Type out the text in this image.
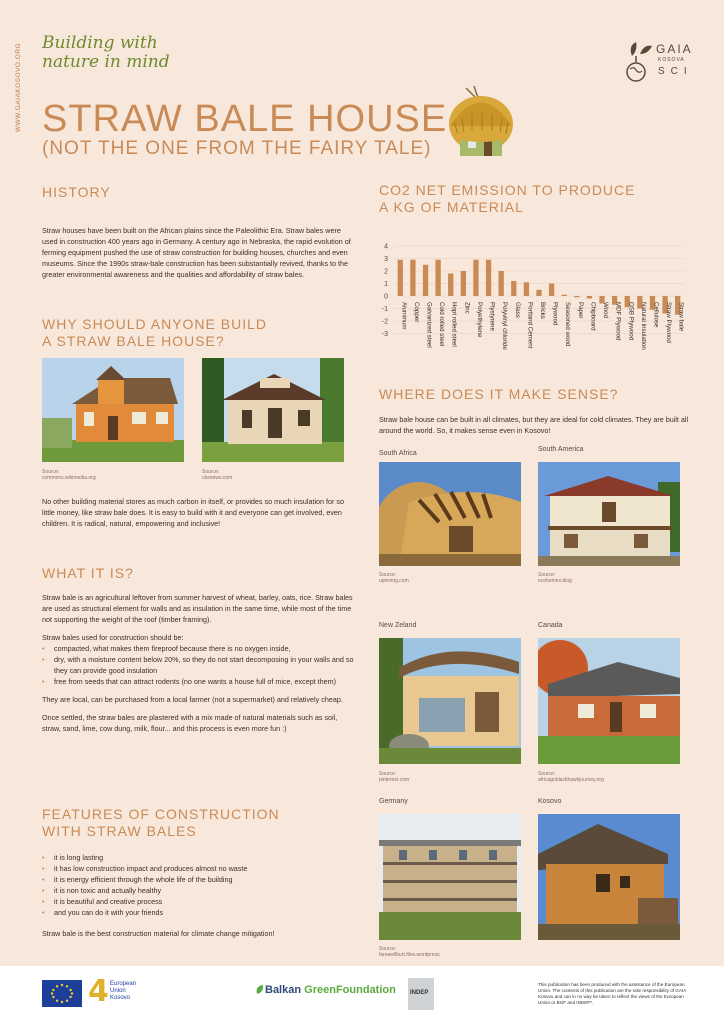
WWW.GAIAKOSOVO.ORG Building with
nature in mind
GAIA
KOSOVA
SCI
STRAW BALE HOUSE
(NOT THE ONE FROM THE FAIRY TALE)
HISTORY

Straw houses have been built on the African plains since the Paleolithic Era. Straw bales were used in construction 400 years ago in Germany. A century ago in Nebraska, the rapid evolution of ferming equipment pushed the use of straw construction for building houses, churches and even museums. Since the 1990s straw-bale construction has been substantially revived, thanks to the greater environmental awareness and the qualities and affordability of straw bales.

WHY SHOULD ANYONE BUILD
A STRAW BALE HOUSE?
Source:
commons.wikimedia.org
Source:
cbsnews.com

No other building material stores as much carbon in itself, or provides so much insulation for so little money, like straw bale does. It is easy to build with it and everyone can get involved, even children. It is radical, natural, empowering and inclusive!

WHAT IT IS?

Straw bale is an agricultural leftover from summer harvest of wheat, barley, oats, rice. Straw bales are used as structural element for walls and as insulation in the same time, while most of the time not supporting the weight of the roof (timber framing).

Straw bales used for construction should be:
• compacted, what makes them fireproof because there is no oxygen inside,
• dry, with a moisture content below 20%, so they do not start decomposing in your walls and so they can provide good insulation
• free from seeds that can attract rodents (no one wants a house full of mice, except them)

They are local, can be purchased from a local farmer (not a supermarket) and relatively cheap.

Once settled, the straw bales are plastered with a mix made of natural materials such as soil, straw, sand, lime, cow dung, milk, flour... and this process is even more fun :)

FEATURES OF CONSTRUCTION
WITH STRAW BALES
• it is long lasting
• it has low construction impact and produces almost no waste
• it is energy efficient through the whole life of the building
• it is non toxic and actually healthy
• it is beautiful and creative process
• and you can do it with your friends

Straw bale is the best construction material for climate change mitigation!

CO2 NET EMISSION TO PRODUCE
A KG OF MATERIAL
4
3
2
1
0
-1
-2
-3
Aluminum Copper Galvanized steel Cold rolled steel Hopt rolled steel Zinc Polyethylene Plystyrene Polyvinyl chloride Glass Portland Cement Bricks Plywood Seasoned wood Paper Chipboard Wood MDF Plywood OSB Plywood Natural insulation Cellulose Straw Plywood Straw bale
WHERE DOES IT MAKE SENSE?

Straw bale house can be built in all climates, but they are ideal for cold climates. They are built all around the world. So, it makes sense even in Kosovo!

South Africa
Source:
upinning.com
South America
Source:
ecohomes.blog
New Zeland
Source:
pinterest.com
Canada
Source:
africagoblackhawkjourney.org
Germany
Source:
farewellburt.files.wordpress
Kosovo
4 European
Union
Kosovo
Balkan GreenFoundation INDEP
This publication has been produced with the assistance of the European Union. The contents of this publication are the sole responsibility of GAIA Kosovo and can in no way be taken to reflect the views of the European Union or BGF and INDEP*.
